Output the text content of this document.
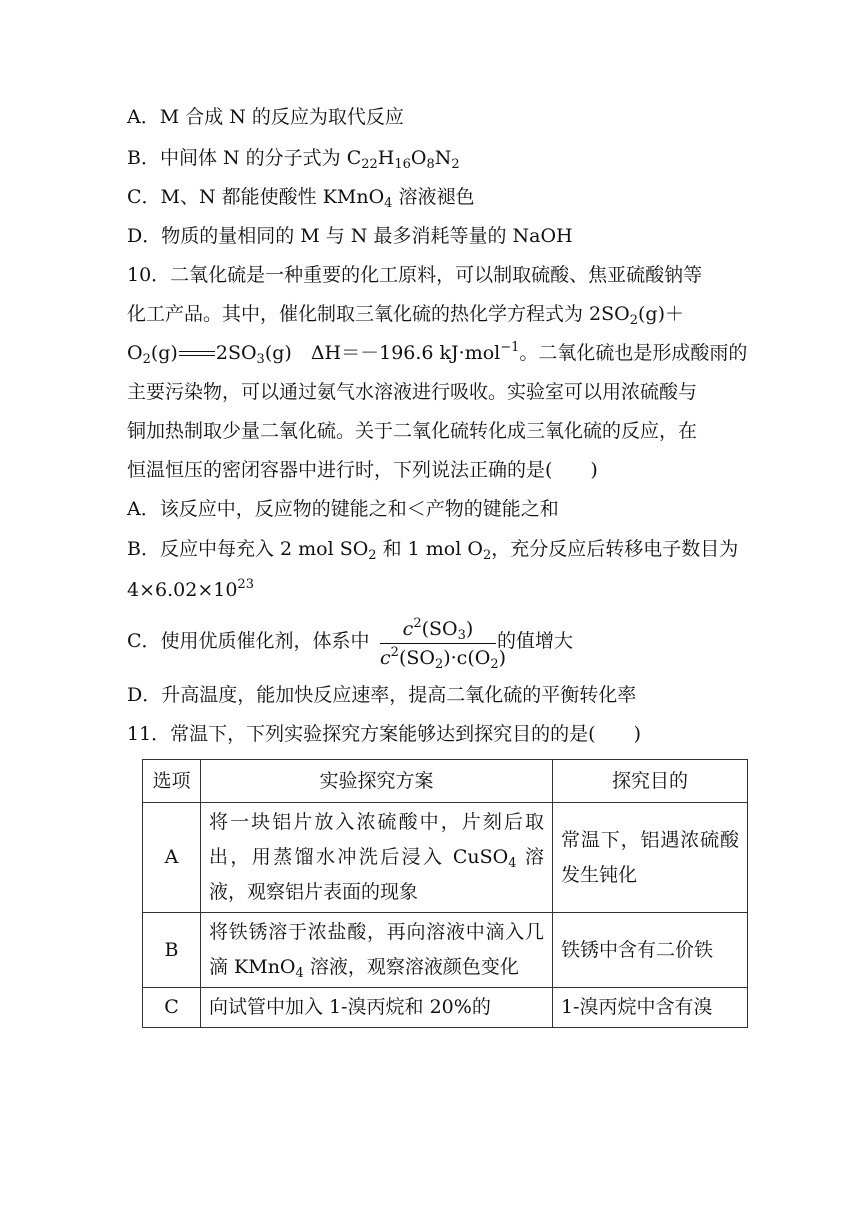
A．M 合成 N 的反应为取代反应
B．中间体 N 的分子式为 $C_{22}H_{16}O_8N_2$
C．M、N 都能使酸性 KMnO$_4$ 溶液褪色
D．物质的量相同的 M 与 N 最多消耗等量的 NaOH
10．二氧化硫是一种重要的化工原料，可以制取硫酸、焦亚硫酸钠等
化工产品。其中，催化制取三氧化硫的热化学方程式为 $2SO_2(g)+$
$O_2(g)$ $2SO_3(g)$　ΔH＝－196.6 kJ·mol$^{-1}$。二氧化硫也是形成酸雨的
主要污染物，可以通过氨气水溶液进行吸收。实验室可以用浓硫酸与
铜加热制取少量二氧化硫。关于二氧化硫转化成三氧化硫的反应，在
恒温恒压的密闭容器中进行时，下列说法正确的是(　　)
A．该反应中，反应物的键能之和＜产物的键能之和
B．反应中每充入 2 mol $SO_2$ 和 1 mol $O_2$，充分反应后转移电子数目为
$4\times 6.02\times 10^{23}$
C．使用优质催化剂，体系中
$c^2(SO_3)$
$c^2(SO_2)\cdot c(O_2)$
的值增大
D．升高温度，能加快反应速率，提高二氧化硫的平衡转化率
11．常温下，下列实验探究方案能够达到探究目的的是(　　)
选项	实验探究方案	探究目的
A	将一块铝片放入浓硫酸中，片刻后取出，用蒸馏水冲洗后浸入 CuSO$_4$ 溶液，观察铝片表面的现象	常温下，铝遇浓硫酸发生钝化
B	将铁锈溶于浓盐酸，再向溶液中滴入几滴 KMnO$_4$ 溶液，观察溶液颜色变化	铁锈中含有二价铁
C	向试管中加入 1-溴丙烷和 20%的	1-溴丙烷中含有溴
